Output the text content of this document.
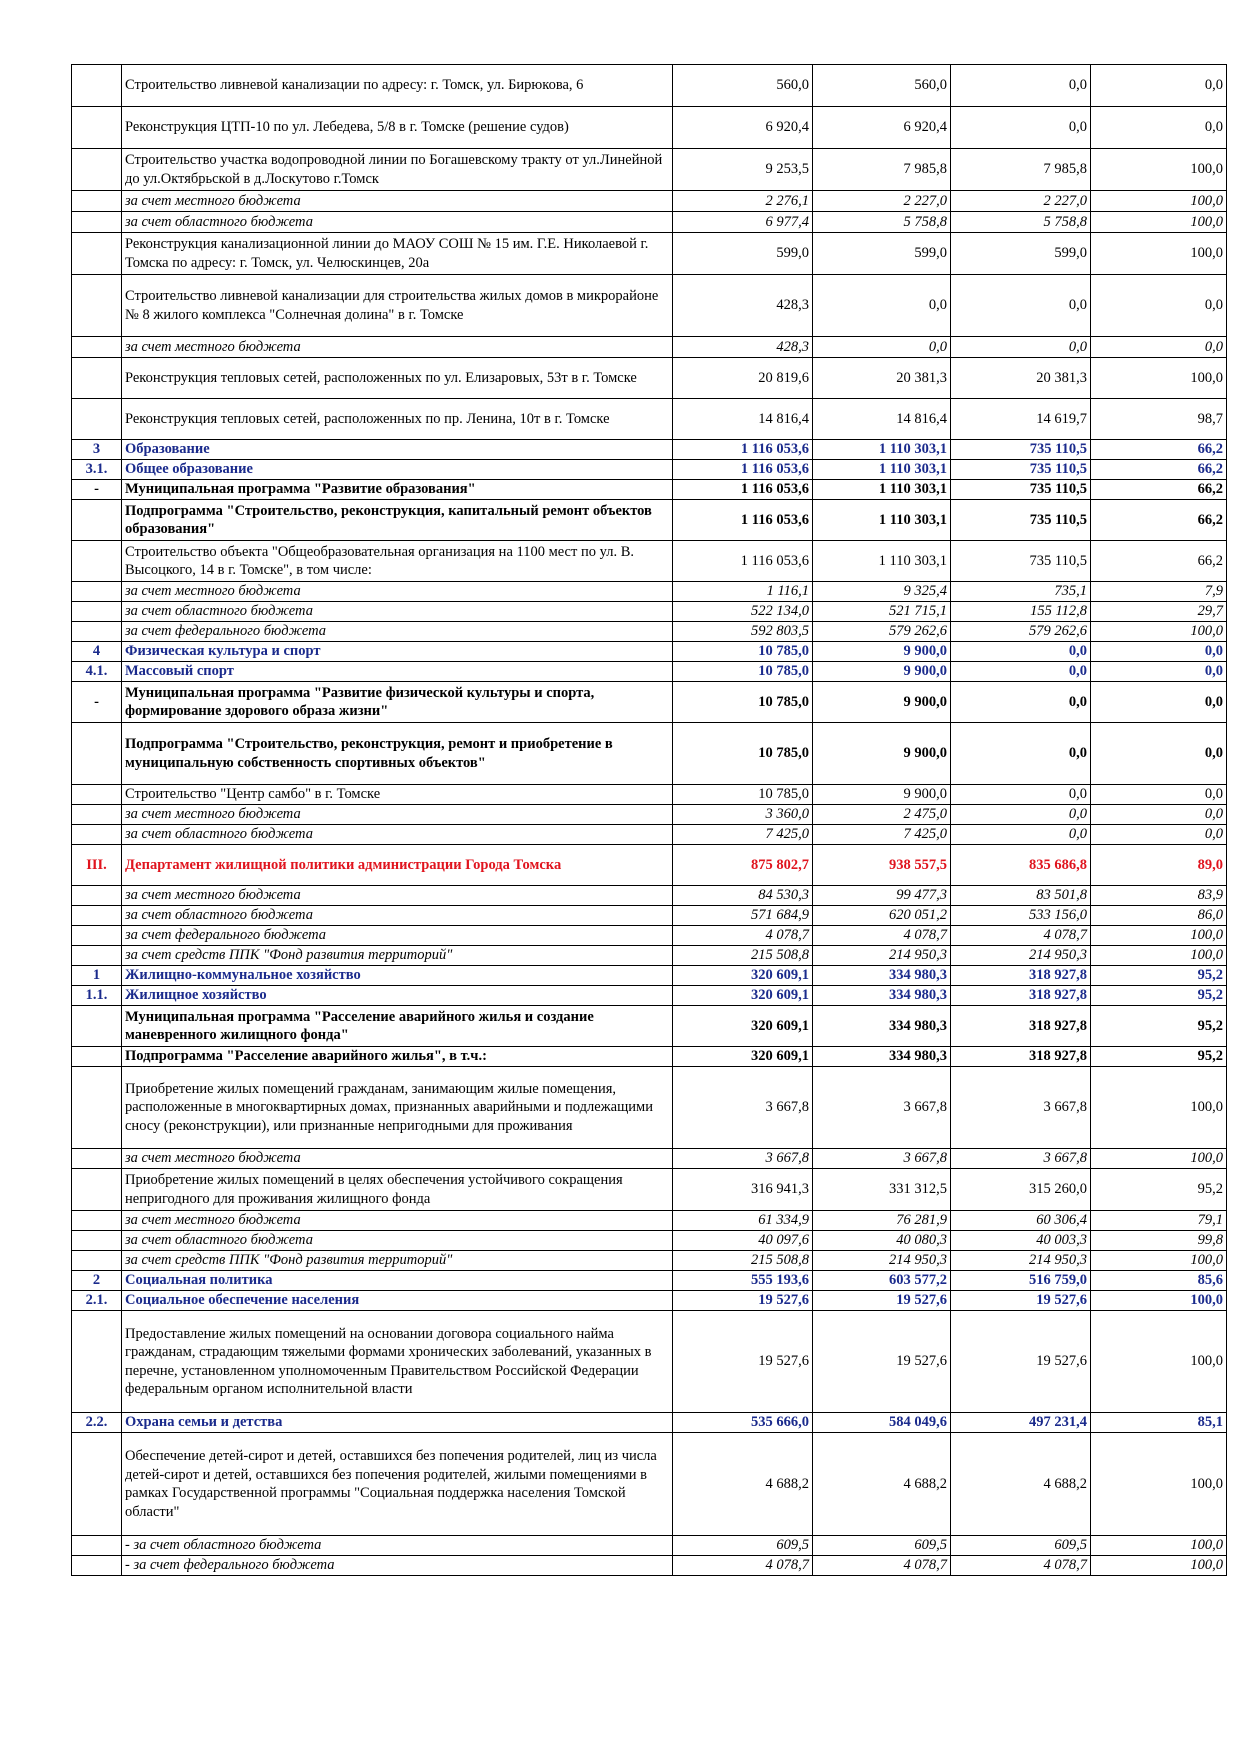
	Строительство ливневой канализации по адресу: г. Томск, ул. Бирюкова, 6	560,0	560,0	0,0	0,0
	Реконструкция ЦТП-10 по ул. Лебедева, 5/8 в г. Томске (решение судов)	6 920,4	6 920,4	0,0	0,0
	Строительство участка водопроводной линии по Богашевскому тракту от ул.Линейной до ул.Октябрьской в д.Лоскутово г.Томск	9 253,5	7 985,8	7 985,8	100,0
	за счет местного бюджета	2 276,1	2 227,0	2 227,0	100,0
	за счет областного бюджета	6 977,4	5 758,8	5 758,8	100,0
	Реконструкция канализационной линии до МАОУ СОШ № 15 им. Г.Е. Николаевой г. Томска по адресу: г. Томск, ул. Челюскинцев, 20а	599,0	599,0	599,0	100,0
	Строительство ливневой канализации для строительства жилых домов в микрорайоне № 8 жилого комплекса "Солнечная долина" в г. Томске	428,3	0,0	0,0	0,0
	за счет местного бюджета	428,3	0,0	0,0	0,0
	Реконструкция тепловых сетей, расположенных по ул. Елизаровых, 53т в г. Томске	20 819,6	20 381,3	20 381,3	100,0
	Реконструкция тепловых сетей, расположенных по пр. Ленина, 10т в г. Томске	14 816,4	14 816,4	14 619,7	98,7
3	Образование	1 116 053,6	1 110 303,1	735 110,5	66,2
3.1.	Общее образование	1 116 053,6	1 110 303,1	735 110,5	66,2
-	Муниципальная программа "Развитие образования"	1 116 053,6	1 110 303,1	735 110,5	66,2
	Подпрограмма "Строительство, реконструкция, капитальный ремонт объектов образования"	1 116 053,6	1 110 303,1	735 110,5	66,2
	Строительство объекта "Общеобразовательная организация на 1100 мест по ул. В. Высоцкого, 14 в г. Томске", в том числе:	1 116 053,6	1 110 303,1	735 110,5	66,2
	за счет местного бюджета	1 116,1	9 325,4	735,1	7,9
	за счет областного бюджета	522 134,0	521 715,1	155 112,8	29,7
	за счет федерального бюджета	592 803,5	579 262,6	579 262,6	100,0
4	Физическая культура и спорт	10 785,0	9 900,0	0,0	0,0
4.1.	Массовый спорт	10 785,0	9 900,0	0,0	0,0
-	Муниципальная программа "Развитие физической культуры и спорта, формирование здорового образа жизни"	10 785,0	9 900,0	0,0	0,0
	Подпрограмма "Строительство, реконструкция, ремонт и приобретение в муниципальную собственность спортивных объектов"	10 785,0	9 900,0	0,0	0,0
	Строительство "Центр самбо" в г. Томске	10 785,0	9 900,0	0,0	0,0
	за счет местного бюджета	3 360,0	2 475,0	0,0	0,0
	за счет областного бюджета	7 425,0	7 425,0	0,0	0,0
III.	Департамент жилищной политики администрации Города Томска	875 802,7	938 557,5	835 686,8	89,0
	за счет местного бюджета	84 530,3	99 477,3	83 501,8	83,9
	за счет областного бюджета	571 684,9	620 051,2	533 156,0	86,0
	за счет федерального бюджета	4 078,7	4 078,7	4 078,7	100,0
	за счет средств ППК "Фонд развития территорий"	215 508,8	214 950,3	214 950,3	100,0
1	Жилищно-коммунальное хозяйство	320 609,1	334 980,3	318 927,8	95,2
1.1.	Жилищное хозяйство	320 609,1	334 980,3	318 927,8	95,2
	Муниципальная программа "Расселение аварийного жилья и создание маневренного жилищного фонда"	320 609,1	334 980,3	318 927,8	95,2
	Подпрограмма "Расселение аварийного жилья", в т.ч.:	320 609,1	334 980,3	318 927,8	95,2
	Приобретение жилых помещений гражданам, занимающим жилые помещения, расположенные в многоквартирных домах, признанных аварийными и подлежащими сносу (реконструкции), или признанные непригодными для проживания	3 667,8	3 667,8	3 667,8	100,0
	за счет местного бюджета	3 667,8	3 667,8	3 667,8	100,0
	Приобретение жилых помещений в целях обеспечения устойчивого сокращения непригодного для проживания жилищного фонда	316 941,3	331 312,5	315 260,0	95,2
	за счет местного бюджета	61 334,9	76 281,9	60 306,4	79,1
	за счет областного бюджета	40 097,6	40 080,3	40 003,3	99,8
	за счет средств ППК "Фонд развития территорий"	215 508,8	214 950,3	214 950,3	100,0
2	Социальная политика	555 193,6	603 577,2	516 759,0	85,6
2.1.	Социальное обеспечение населения	19 527,6	19 527,6	19 527,6	100,0
	Предоставление жилых помещений на основании договора социального найма гражданам, страдающим тяжелыми формами хронических заболеваний, указанных в перечне, установленном уполномоченным Правительством Российской Федерации федеральным органом исполнительной власти	19 527,6	19 527,6	19 527,6	100,0
2.2.	Охрана семьи и детства	535 666,0	584 049,6	497 231,4	85,1
	Обеспечение детей-сирот и детей, оставшихся без попечения родителей, лиц из числа детей-сирот и детей, оставшихся без попечения родителей, жилыми помещениями в рамках Государственной программы "Социальная поддержка населения Томской области"	4 688,2	4 688,2	4 688,2	100,0
	- за счет областного бюджета	609,5	609,5	609,5	100,0
	- за счет федерального бюджета	4 078,7	4 078,7	4 078,7	100,0
